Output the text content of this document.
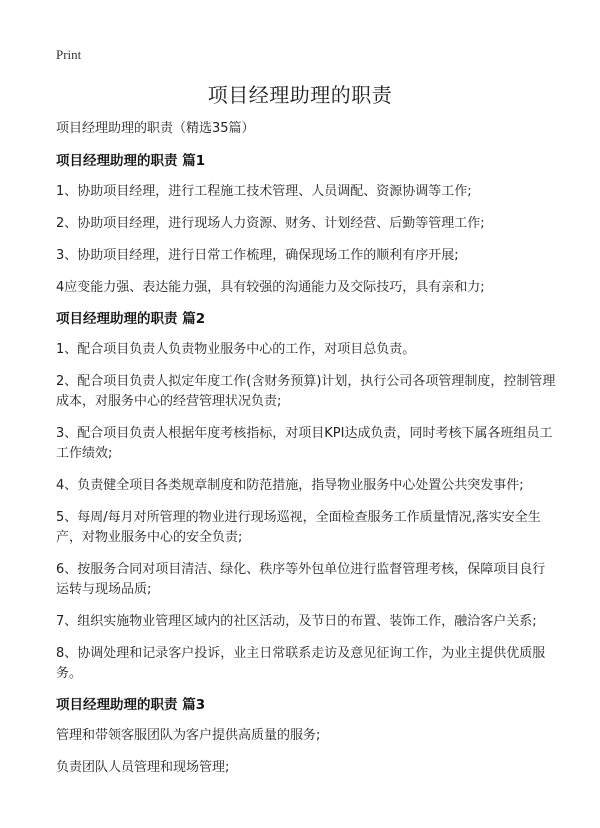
Print
项目经理助理的职责

项目经理助理的职责（精选35篇）

项目经理助理的职责 篇1

1、协助项目经理，进行工程施工技术管理、人员调配、资源协调等工作;

2、协助项目经理，进行现场人力资源、财务、计划经营、后勤等管理工作;

3、协助项目经理，进行日常工作梳理，确保现场工作的顺利有序开展;

4应变能力强、表达能力强，具有较强的沟通能力及交际技巧，具有亲和力;

项目经理助理的职责 篇2

1、配合项目负责人负责物业服务中心的工作，对项目总负责。

2、配合项目负责人拟定年度工作(含财务预算)计划，执行公司各项管理制度，控制管理成本，对服务中心的经营管理状况负责;

3、配合项目负责人根据年度考核指标，对项目KPI达成负责，同时考核下属各班组员工工作绩效;

4、负责健全项目各类规章制度和防范措施，指导物业服务中心处置公共突发事件;

5、每周/每月对所管理的物业进行现场巡视，全面检查服务工作质量情况,落实安全生产，对物业服务中心的安全负责;

6、按服务合同对项目清洁、绿化、秩序等外包单位进行监督管理考核，保障项目良行运转与现场品质;

7、组织实施物业管理区域内的社区活动，及节日的布置、装饰工作，融洽客户关系;

8、协调处理和记录客户投诉，业主日常联系走访及意见征询工作，为业主提供优质服务。

项目经理助理的职责 篇3

管理和带领客服团队为客户提供高质量的服务;

负责团队人员管理和现场管理;
